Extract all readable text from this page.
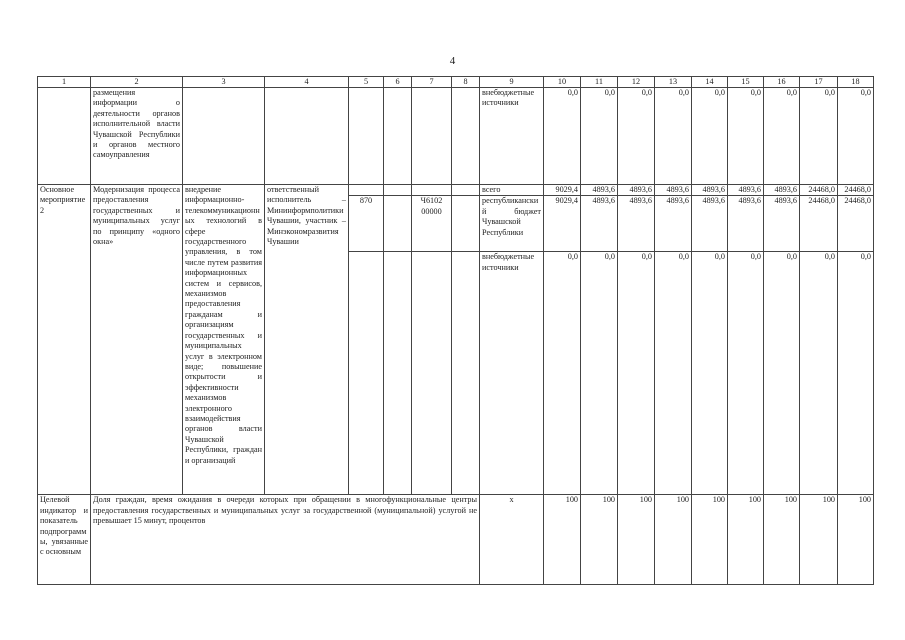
4
1	2	3	4	5	6	7	8	9	10	11	12	13	14	15	16	17	18
	размещения информации о деятельности органов исполнительной власти Чувашской Республики и органов местного самоуправления							внебюджетные источники	0,0	0,0	0,0	0,0	0,0	0,0	0,0	0,0	0,0
Основное мероприятие 2	Модернизация процесса предоставления государственных и муниципальных услуг по принципу «одного окна»	внедрение информационно-телекоммуникационных технологий в сфере государственного управления, в том числе путем развития информационных систем и сервисов, механизмов предоставления гражданам и организациям государственных и муниципальных услуг в электронном виде; повышение открытости и эффективности механизмов электронного взаимодействия органов власти Чувашской Республики, граждан и организаций	ответственный исполнитель – Мининформполитики Чувашии, участник – Минэкономразвития Чувашии					всего	9029,4	4893,6	4893,6	4893,6	4893,6	4893,6	4893,6	24468,0	24468,0
				870		Ч6102 00000		республиканский бюджет Чувашской Республики	9029,4	4893,6	4893,6	4893,6	4893,6	4893,6	4893,6	24468,0	24468,0
								внебюджетные источники	0,0	0,0	0,0	0,0	0,0	0,0	0,0	0,0	0,0
Целевой индикатор и показатель подпрограммы, увязанные с основным	Доля граждан, время ожидания в очереди которых при обращении в многофункциональные центры предоставления государственных и муниципальных услуг за государственной (муниципальной) услугой не превышает 15 минут, процентов							x	100	100	100	100	100	100	100	100	100
